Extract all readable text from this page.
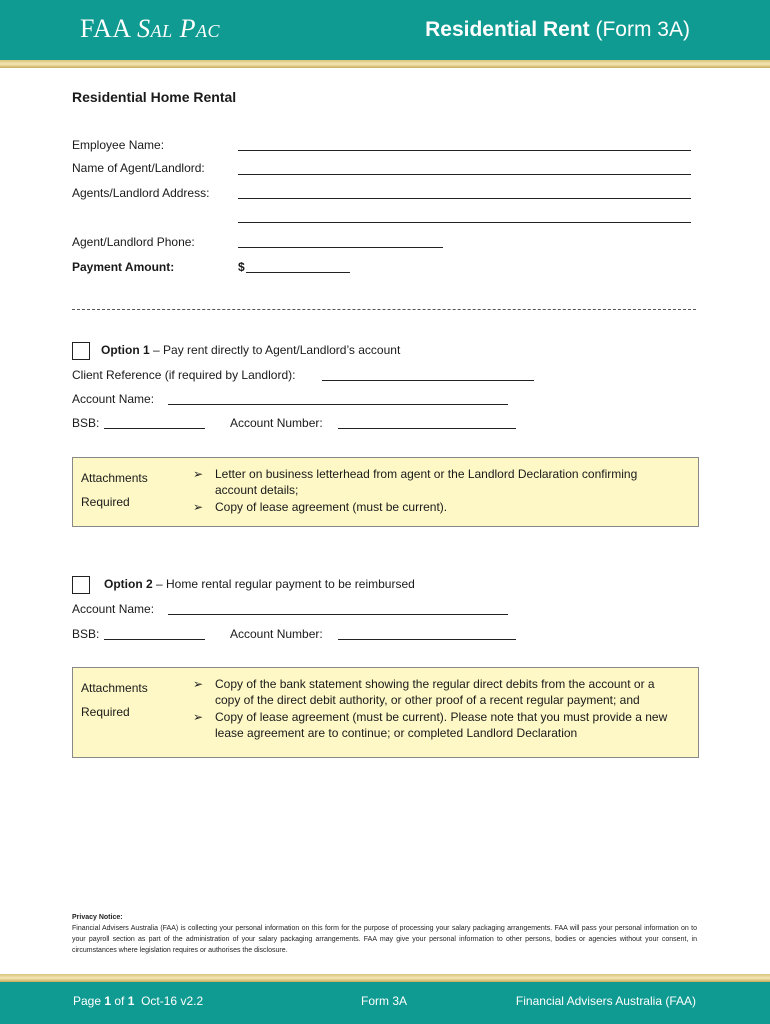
FAA Sal Pac	Residential Rent (Form 3A)
Residential Home Rental
Employee Name:
Name of Agent/Landlord:
Agents/Landlord Address:
Agent/Landlord Phone:
Payment Amount:	$
Option 1 – Pay rent directly to Agent/Landlord’s account
Client Reference (if required by Landlord):
Account Name:
BSB:	Account Number:
Attachments
Required
➢ Letter on business letterhead from agent or the Landlord Declaration confirming account details;
➢ Copy of lease agreement (must be current).
Option 2 – Home rental regular payment to be reimbursed
Account Name:
BSB:	Account Number:
Attachments
Required
➢ Copy of the bank statement showing the regular direct debits from the account or a copy of the direct debit authority, or other proof of a recent regular payment; and
➢ Copy of lease agreement (must be current). Please note that you must provide a new lease agreement are to continue; or completed Landlord Declaration
Privacy Notice:
Financial Advisers Australia (FAA) is collecting your personal information on this form for the purpose of processing your salary packaging arrangements. FAA will pass your personal information on to your payroll section as part of the administration of your salary packaging arrangements. FAA may give your personal information to other persons, bodies or agencies without your consent, in circumstances where legislation requires or authorises the disclosure.
Page 1 of 1 Oct-16 v2.2	Form 3A	Financial Advisers Australia (FAA)
